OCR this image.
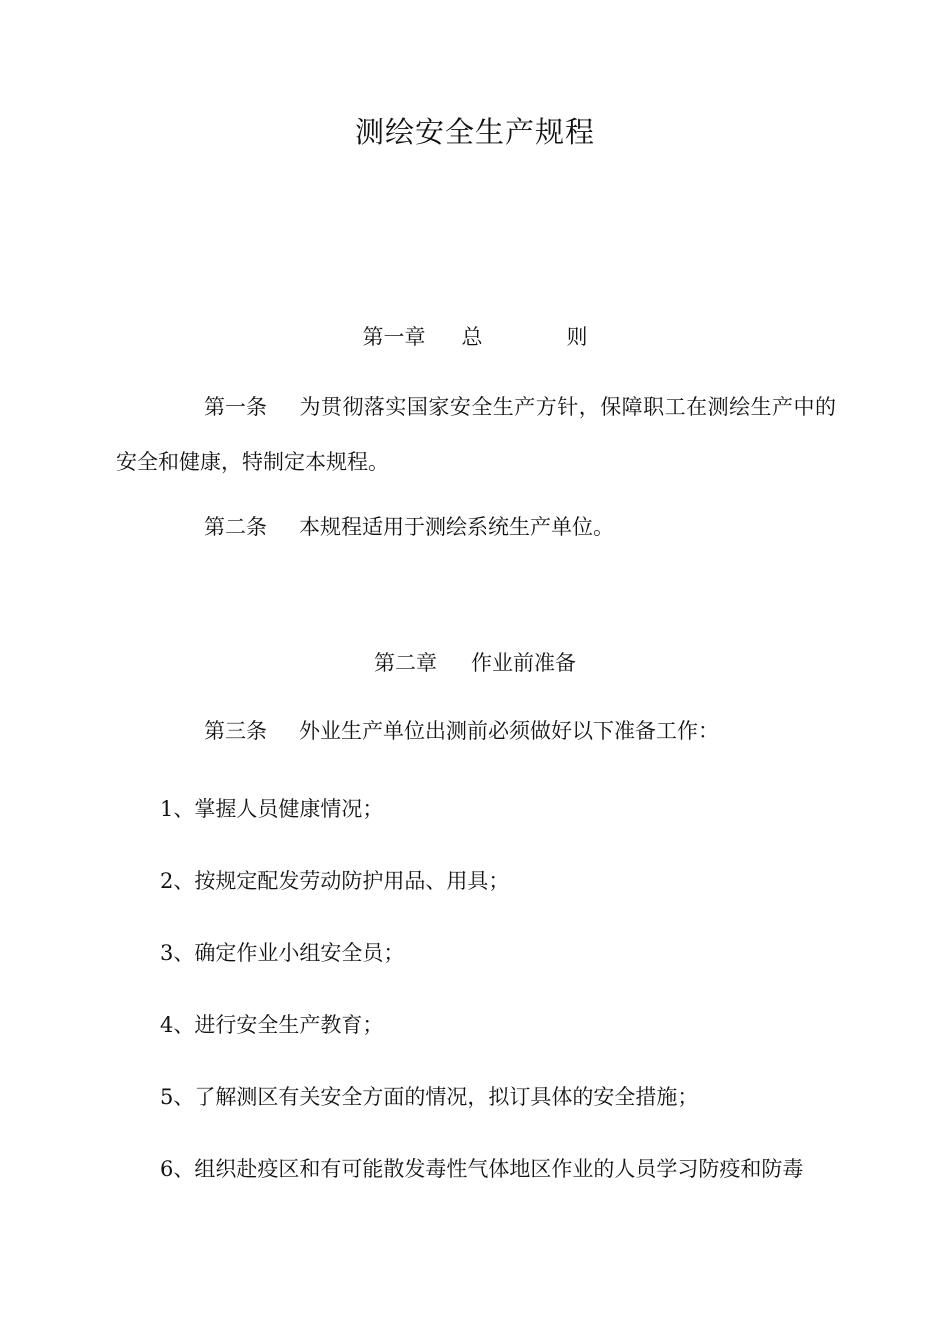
测绘安全生产规程
第一章 总　　　　则
第一条 为贯彻落实国家安全生产方针，保障职工在测绘生产中的安全和健康，特制定本规程。
第二条 本规程适用于测绘系统生产单位。
第二章 作业前准备
第三条 外业生产单位出测前必须做好以下准备工作：
1、掌握人员健康情况；
2、按规定配发劳动防护用品、用具；
3、确定作业小组安全员；
4、进行安全生产教育；
5、了解测区有关安全方面的情况，拟订具体的安全措施；
6、组织赴疫区和有可能散发毒性气体地区作业的人员学习防疫和防毒
